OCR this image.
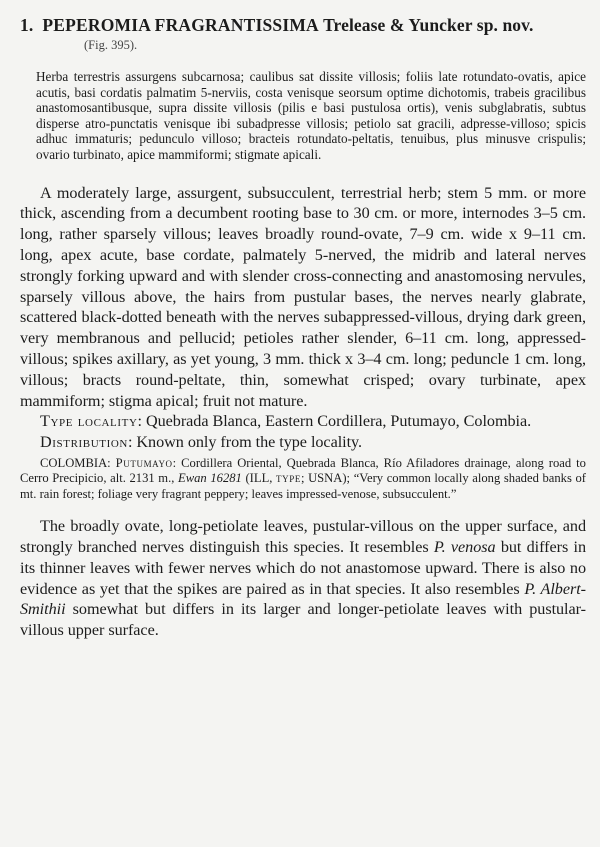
1. PEPEROMIA FRAGRANTISSIMA Trelease & Yuncker sp. nov.
(Fig. 395).

Herba terrestris assurgens subcarnosa; caulibus sat dissite villosis; foliis late rotundato-ovatis, apice acutis, basi cordatis palmatim 5-nerviis, costa venisque seorsum optime dichotomis, trabeis gracilibus anastomosantibusque, supra dissite villosis (pilis e basi pustulosa ortis), venis subglabratis, subtus disperse atro-punctatis venisque ibi subadpresse villosis; petiolo sat gracili, adpresse-villoso; spicis adhuc immaturis; pedunculo villoso; bracteis rotundato-peltatis, tenuibus, plus minusve crispulis; ovario turbinato, apice mammiformi; stigmate apicali.

A moderately large, assurgent, subsucculent, terrestrial herb; stem 5 mm. or more thick, ascending from a decumbent rooting base to 30 cm. or more, internodes 3–5 cm. long, rather sparsely villous; leaves broadly round-ovate, 7–9 cm. wide x 9–11 cm. long, apex acute, base cordate, palmately 5-nerved, the midrib and lateral nerves strongly forking upward and with slender cross-connecting and anastomosing nervules, sparsely villous above, the hairs from pustular bases, the nerves nearly glabrate, scattered black-dotted beneath with the nerves subappressed-villous, drying dark green, very membranous and pellucid; petioles rather slender, 6–11 cm. long, appressed-villous; spikes axillary, as yet young, 3 mm. thick x 3–4 cm. long; peduncle 1 cm. long, villous; bracts round-peltate, thin, somewhat crisped; ovary turbinate, apex mammiform; stigma apical; fruit not mature.

Type locality: Quebrada Blanca, Eastern Cordillera, Putumayo, Colombia.

Distribution: Known only from the type locality.

COLOMBIA: Putumayo: Cordillera Oriental, Quebrada Blanca, Río Afiladores drainage, along road to Cerro Precipicio, alt. 2131 m., Ewan 16281 (ILL, type; USNA); “Very common locally along shaded banks of mt. rain forest; foliage very fragrant peppery; leaves impressed-venose, subsucculent.”

The broadly ovate, long-petiolate leaves, pustular-villous on the upper surface, and strongly branched nerves distinguish this species. It resembles P. venosa but differs in its thinner leaves with fewer nerves which do not anastomose upward. There is also no evidence as yet that the spikes are paired as in that species. It also resembles P. Albert-Smithii somewhat but differs in its larger and longer-petiolate leaves with pustular-villous upper surface.
